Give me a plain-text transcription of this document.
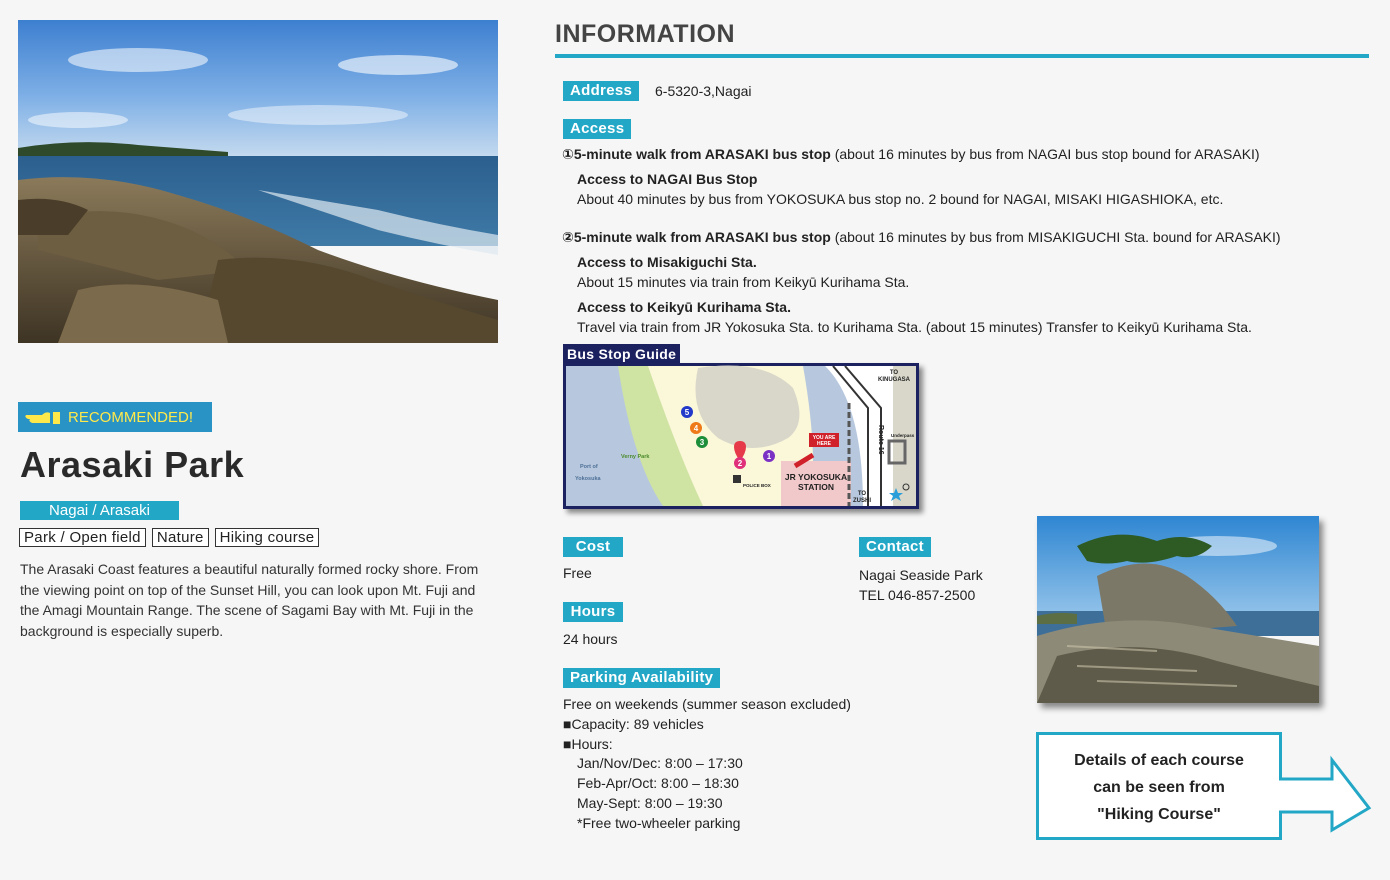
RECOMMENDED!
Arasaki Park
Nagai / Arasaki
Park / Open field	Nature	Hiking course

The Arasaki Coast features a beautiful naturally formed rocky shore. From the viewing point on top of the Sunset Hill, you can look upon Mt. Fuji and the Amagi Mountain Range. The scene of Sagami Bay with Mt. Fuji in the background is especially superb.

INFORMATION
Address	6-5320-3,Nagai
Access
①5-minute walk from ARASAKI bus stop (about 16 minutes by bus from NAGAI bus stop bound for ARASAKI)
Access to NAGAI Bus Stop
About 40 minutes by bus from YOKOSUKA bus stop no. 2 bound for NAGAI, MISAKI HIGASHIOKA, etc.
②5-minute walk from ARASAKI bus stop (about 16 minutes by bus from MISAKIGUCHI Sta. bound for ARASAKI)
Access to Misakiguchi Sta.
About 15 minutes via train from Keikyū Kurihama Sta.
Access to Keikyū Kurihama Sta.
Travel via train from JR Yokosuka Sta. to Kurihama Sta. (about 15 minutes) Transfer to Keikyū Kurihama Sta.
Bus Stop Guide
1
2
3
4
5
TO
KINUGASA
Route 16 Underpass
YOU ARE
HERE
JR YOKOSUKA
STATION
POLICE BOX
Verny Park
Port of
Yokosuka
TO
ZUSHI
Cost
Free
Hours
24 hours
Parking Availability
Free on weekends (summer season excluded)
■Capacity: 89 vehicles
■Hours:
Jan/Nov/Dec: 8:00 – 17:30
Feb-Apr/Oct: 8:00 – 18:30
May-Sept: 8:00 – 19:30
*Free two-wheeler parking
Contact
Nagai Seaside Park
TEL 046-857-2500
Details of each course
can be seen from
"Hiking Course"
